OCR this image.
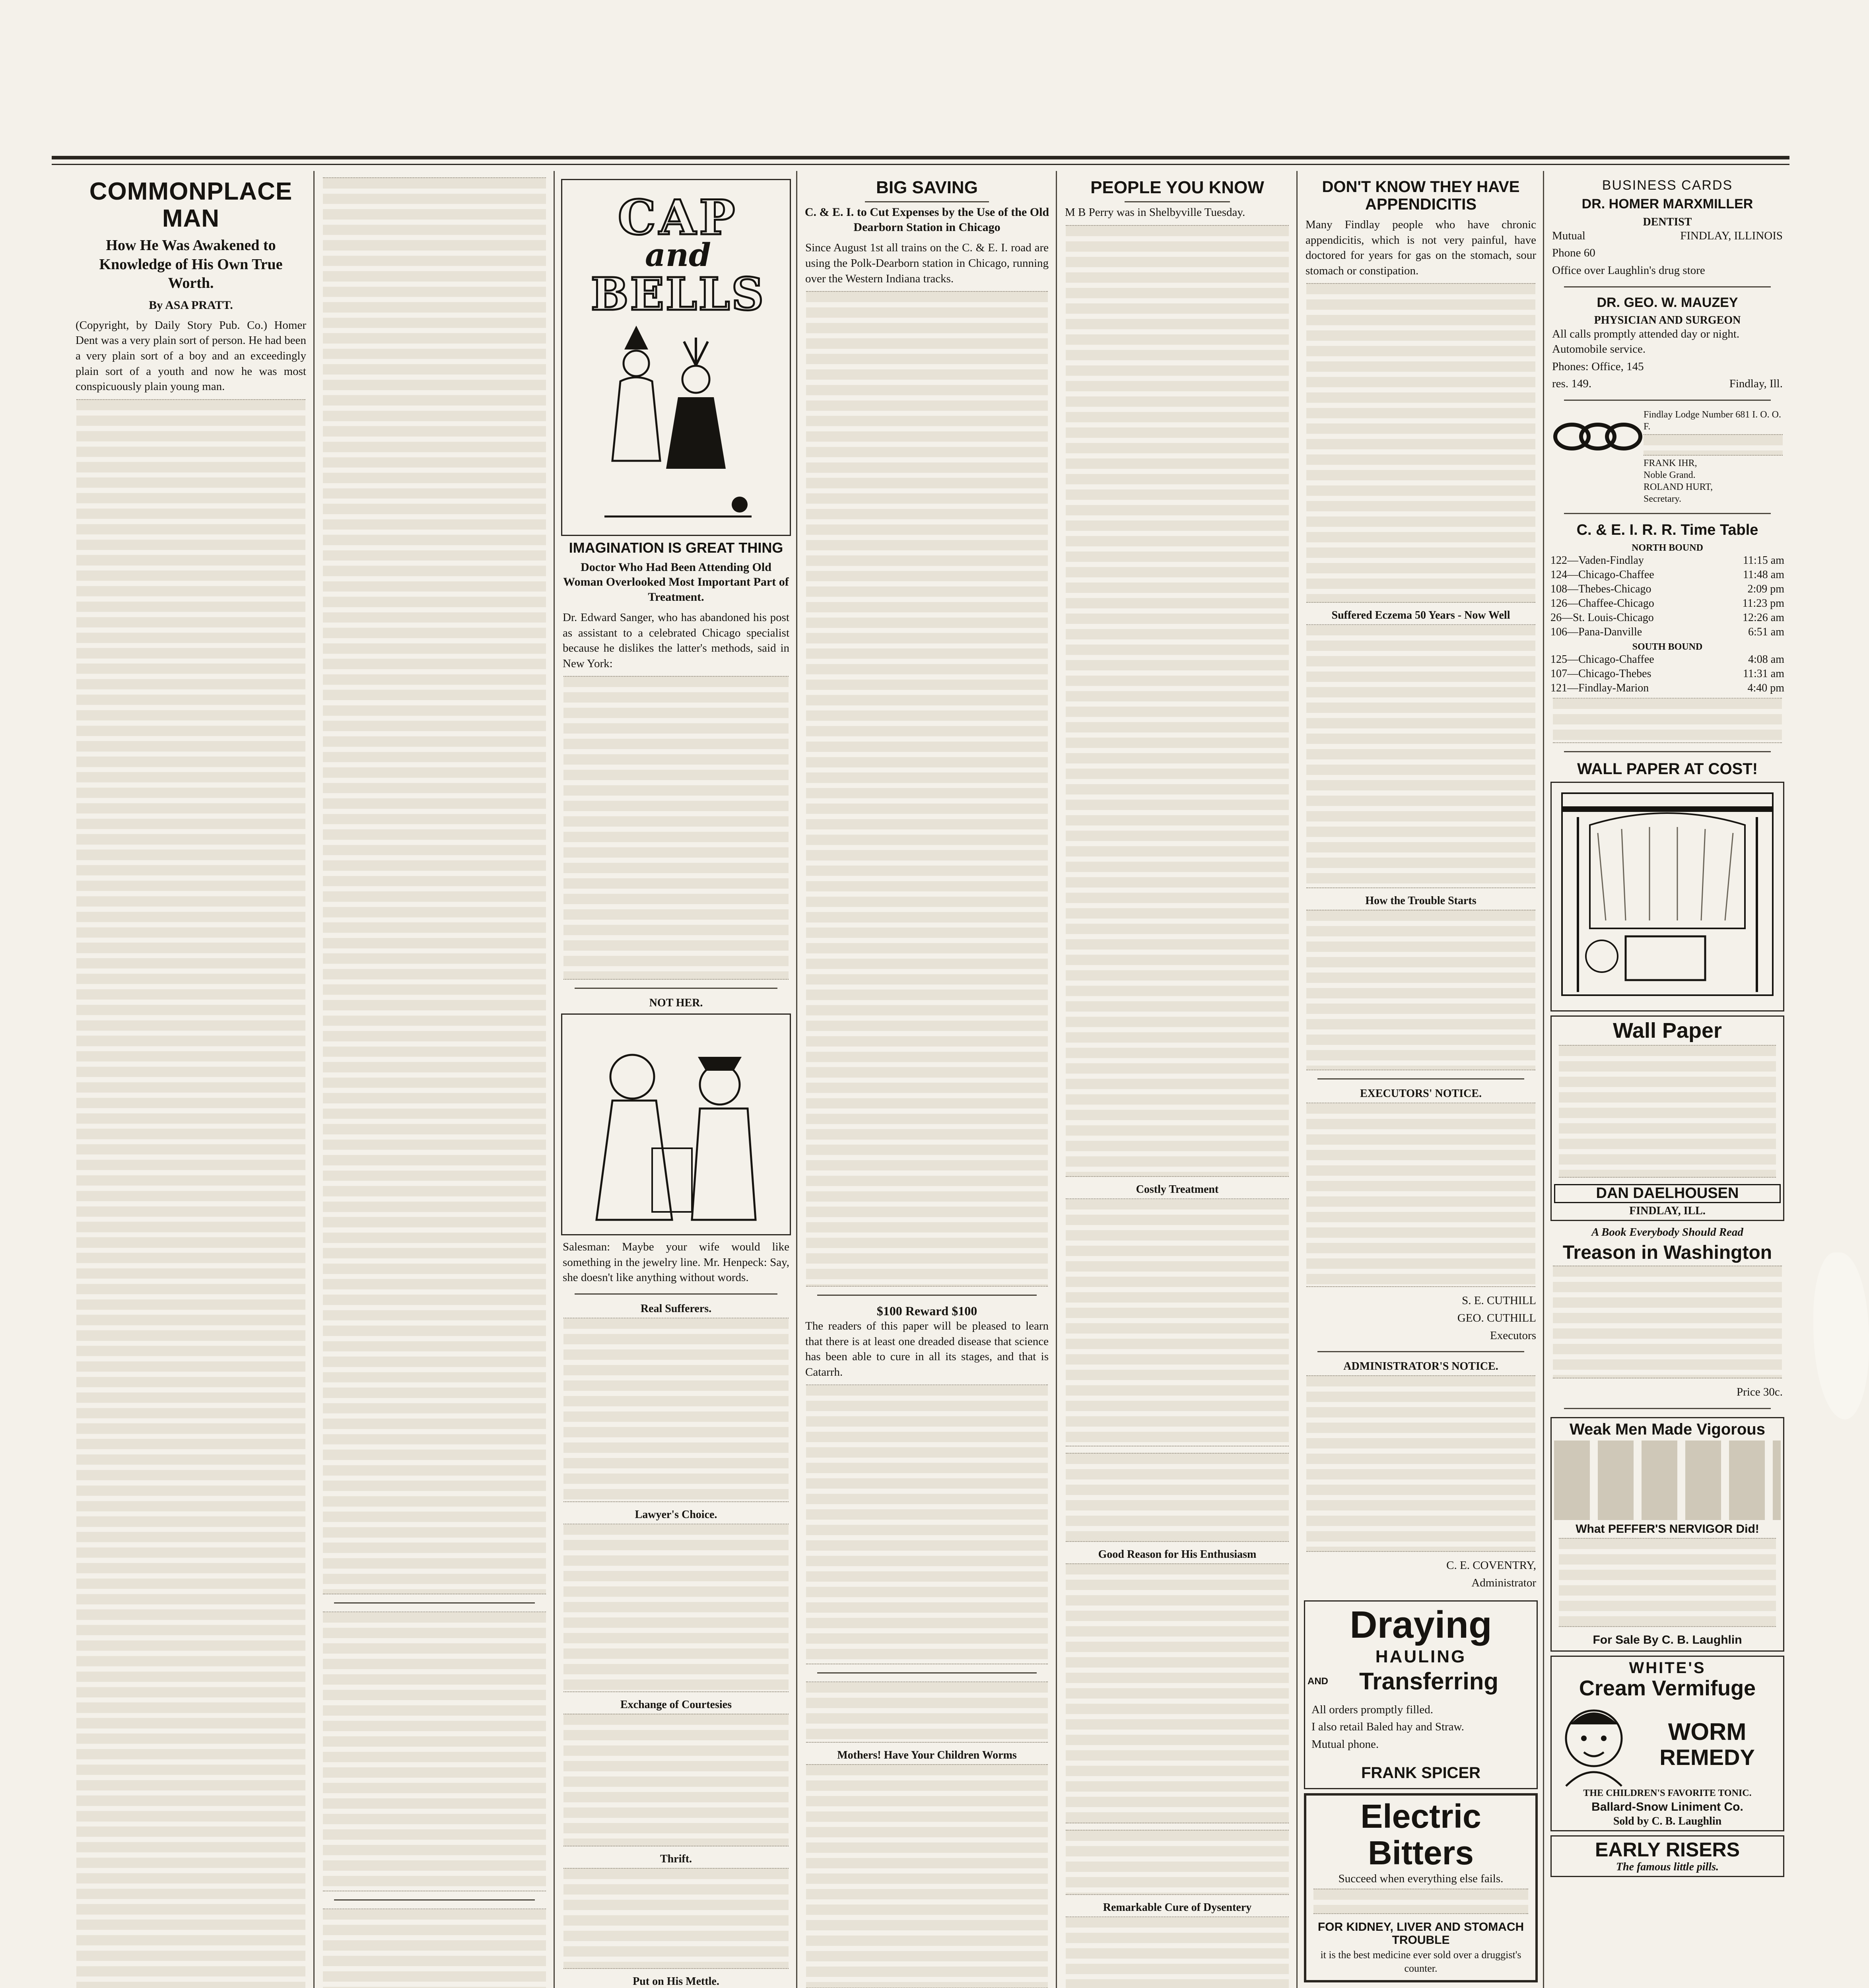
COMMONPLACE MAN
How He Was Awakened to Knowledge of His Own True Worth.
By ASA PRATT.

(Copyright, by Daily Story Pub. Co.) Homer Dent was a very plain sort of person. He had been a very plain sort of a boy and an exceedingly plain sort of a youth and now he was most conspicuously plain young man.

CAP
and
BELLS
IMAGINATION IS GREAT THING
Doctor Who Had Been Attending Old Woman Overlooked Most Important Part of Treatment.

Dr. Edward Sanger, who has abandoned his post as assistant to a celebrated Chicago specialist because he dislikes the latter's methods, said in New York:

NOT HER.

Salesman: Maybe your wife would like something in the jewelry line. Mr. Henpeck: Say, she doesn't like anything without words.

Real Sufferers.
Lawyer's Choice.
Exchange of Courtesies
Thrift.
Put on His Mettle.
BIG SAVING
C. & E. I. to Cut Expenses by the Use of the Old Dearborn Station in Chicago

Since August 1st all trains on the C. & E. I. road are using the Polk-Dearborn station in Chicago, running over the Western Indiana tracks.

$100 Reward $100

The readers of this paper will be pleased to learn that there is at least one dreaded disease that science has been able to cure in all its stages, and that is Catarrh.

Mothers! Have Your Children Worms

PEOPLE YOU KNOW

M B Perry was in Shelbyville Tuesday.

Costly Treatment
Good Reason for His Enthusiasm
Remarkable Cure of Dysentery
DON'T KNOW THEY HAVE APPENDICITIS

Many Findlay people who have chronic appendicitis, which is not very painful, have doctored for years for gas on the stomach, sour stomach or constipation.

Suffered Eczema 50 Years - Now Well
How the Trouble Starts
EXECUTORS' NOTICE.
S. E. CUTHILL
GEO. CUTHILL
Executors
ADMINISTRATOR'S NOTICE.
C. E. COVENTRY,
Administrator
Draying
HAULING
AND	Transferring
All orders promptly filled.
I also retail Baled hay and Straw.
Mutual phone.
FRANK SPICER
Electric
Bitters
Succeed when everything else fails.
FOR KIDNEY, LIVER AND STOMACH TROUBLE
it is the best medicine ever sold over a druggist's counter.
BUSINESS CARDS
DR. HOMER MARXMILLER
DENTIST
Mutual	FINDLAY, ILLINOIS
Phone 60
Office over Laughlin's drug store
DR. GEO. W. MAUZEY
PHYSICIAN AND SURGEON
All calls promptly attended day or night. Automobile service.
Phones: Office, 145
res. 149.	Findlay, Ill.
Findlay Lodge Number 681 I. O. O. F.
FRANK IHR,
Noble Grand.
ROLAND HURT,
Secretary.
C. & E. I. R. R. Time Table
NORTH BOUND
122—Vaden-Findlay	11:15 am
124—Chicago-Chaffee	11:48 am
108—Thebes-Chicago	2:09 pm
126—Chaffee-Chicago	11:23 pm
26—St. Louis-Chicago	12:26 am
106—Pana-Danville	6:51 am
SOUTH BOUND
125—Chicago-Chaffee	4:08 am
107—Chicago-Thebes	11:31 am
121—Findlay-Marion	4:40 pm
WALL PAPER AT COST!
Wall Paper
DAN DAELHOUSEN
FINDLAY, ILL.
A Book Everybody Should Read
Treason in Washington
Price 30c.
Weak Men Made Vigorous
What PEFFER'S NERVIGOR Did!
For Sale By C. B. Laughlin
WHITE'S
Cream Vermifuge
WORM
REMEDY
THE CHILDREN'S FAVORITE TONIC.
Ballard-Snow Liniment Co.
Sold by C. B. Laughlin
EARLY RISERS
The famous little pills.
